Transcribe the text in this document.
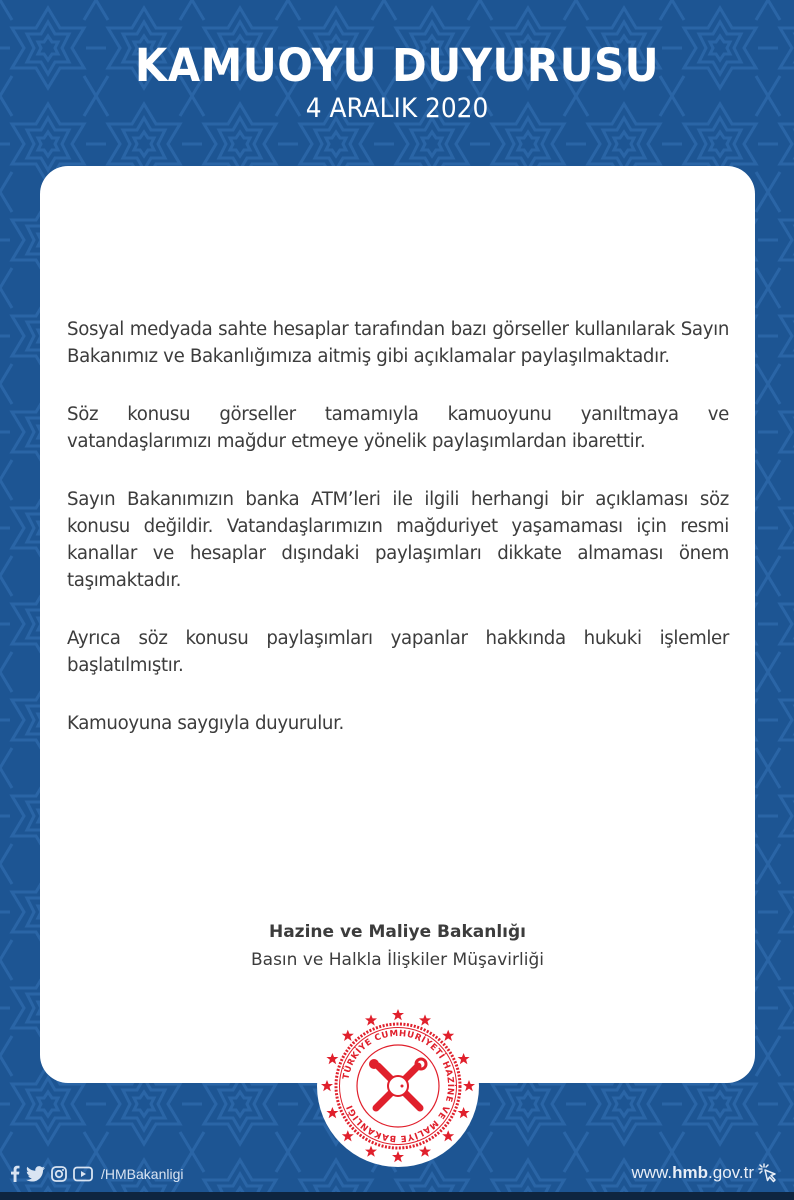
KAMUOYU DUYURUSU
4 ARALIK 2020

Sosyal medyada sahte hesaplar tarafından bazı görseller kullanılarak Sayın Bakanımız ve Bakanlığımıza aitmiş gibi açıklamalar paylaşılmaktadır.

Söz konusu görseller tamamıyla kamuoyunu yanıltmaya ve vatandaşlarımızı mağdur etmeye yönelik paylaşımlardan ibarettir.

Sayın Bakanımızın banka ATM’leri ile ilgili herhangi bir açıklaması söz konusu değildir. Vatandaşlarımızın mağduriyet yaşamaması için resmi kanallar ve hesaplar dışındaki paylaşımları dikkate almaması önem taşımaktadır.

Ayrıca söz konusu paylaşımları yapanlar hakkında hukuki işlemler başlatılmıştır.

Kamuoyuna saygıyla duyurulur.

Hazine ve Maliye Bakanlığı
Basın ve Halkla İlişkiler Müşavirliği
TÜRKİYE CUMHURİYETİ HAZİNE VE MALİYE BAKANLIĞI
/HMBakanligi	www.hmb.gov.tr
